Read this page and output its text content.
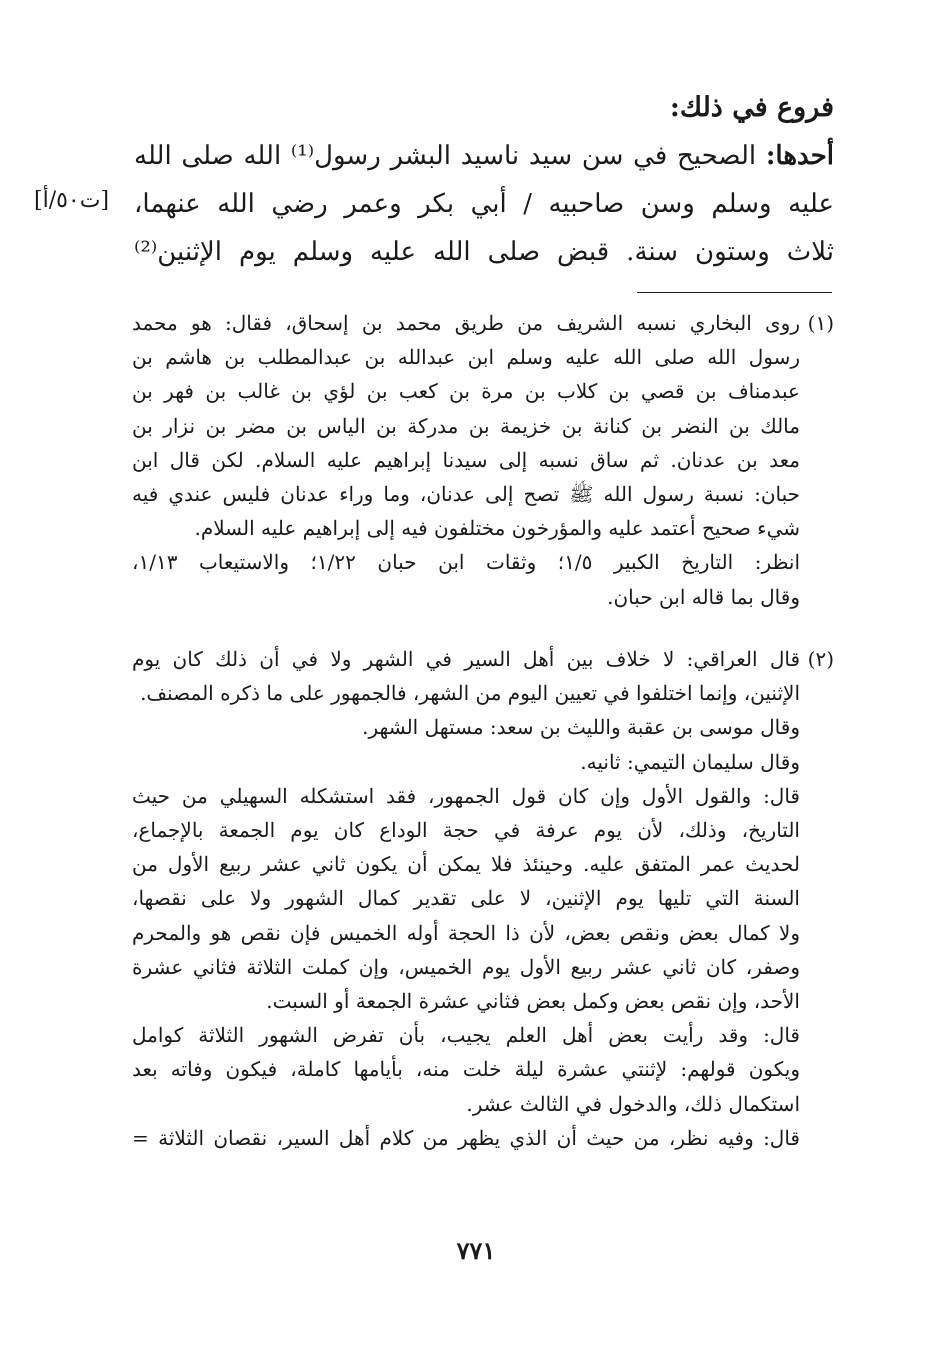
فروع في ذلك:
أحدها: الصحيح في سن سيد ناسيد البشر رسول⁽¹⁾ الله صلى الله
عليه وسلم وسن صاحبيه / أبي بكر وعمر رضي الله عنهما،
ثلاث وستون سنة. قبض صلى الله عليه وسلم يوم الإثنين⁽²⁾
[ت٥٠/أ]
(١)
روى البخاري نسبه الشريف من طريق محمد بن إسحاق، فقال: هو محمد
رسول الله صلى الله عليه وسلم ابن عبدالله بن عبدالمطلب بن هاشم بن
عبدمناف بن قصي بن كلاب بن مرة بن كعب بن لؤي بن غالب بن فهر بن
مالك بن النضر بن كنانة بن خزيمة بن مدركة بن الياس بن مضر بن نزار بن
معد بن عدنان. ثم ساق نسبه إلى سيدنا إبراهيم عليه السلام. لكن قال ابن
حبان: نسبة رسول الله ﷺ تصح إلى عدنان، وما وراء عدنان فليس عندي فيه
شيء صحيح أعتمد عليه والمؤرخون مختلفون فيه إلى إبراهيم عليه السلام.
انظر: التاريخ الكبير ١/٥؛ وثقات ابن حبان ١/٢٢؛ والاستيعاب ١/١٣،
وقال بما قاله ابن حبان.
(٢)
قال العراقي: لا خلاف بين أهل السير في الشهر ولا في أن ذلك كان يوم
الإثنين، وإنما اختلفوا في تعيين اليوم من الشهر، فالجمهور على ما ذكره المصنف.
وقال موسى بن عقبة والليث بن سعد: مستهل الشهر.
وقال سليمان التيمي: ثانيه.
قال: والقول الأول وإن كان قول الجمهور، فقد استشكله السهيلي من حيث
التاريخ، وذلك، لأن يوم عرفة في حجة الوداع كان يوم الجمعة بالإجماع،
لحديث عمر المتفق عليه. وحينئذ فلا يمكن أن يكون ثاني عشر ربيع الأول من
السنة التي تليها يوم الإثنين، لا على تقدير كمال الشهور ولا على نقصها،
ولا كمال بعض ونقص بعض، لأن ذا الحجة أوله الخميس فإن نقص هو والمحرم
وصفر، كان ثاني عشر ربيع الأول يوم الخميس، وإن كملت الثلاثة فثاني عشرة
الأحد، وإن نقص بعض وكمل بعض فثاني عشرة الجمعة أو السبت.
قال: وقد رأيت بعض أهل العلم يجيب، بأن تفرض الشهور الثلاثة كوامل
ويكون قولهم: لإثنتي عشرة ليلة خلت منه، بأيامها كاملة، فيكون وفاته بعد
استكمال ذلك، والدخول في الثالث عشر.
قال: وفيه نظر، من حيث أن الذي يظهر من كلام أهل السير، نقصان الثلاثة =
٧٧١
